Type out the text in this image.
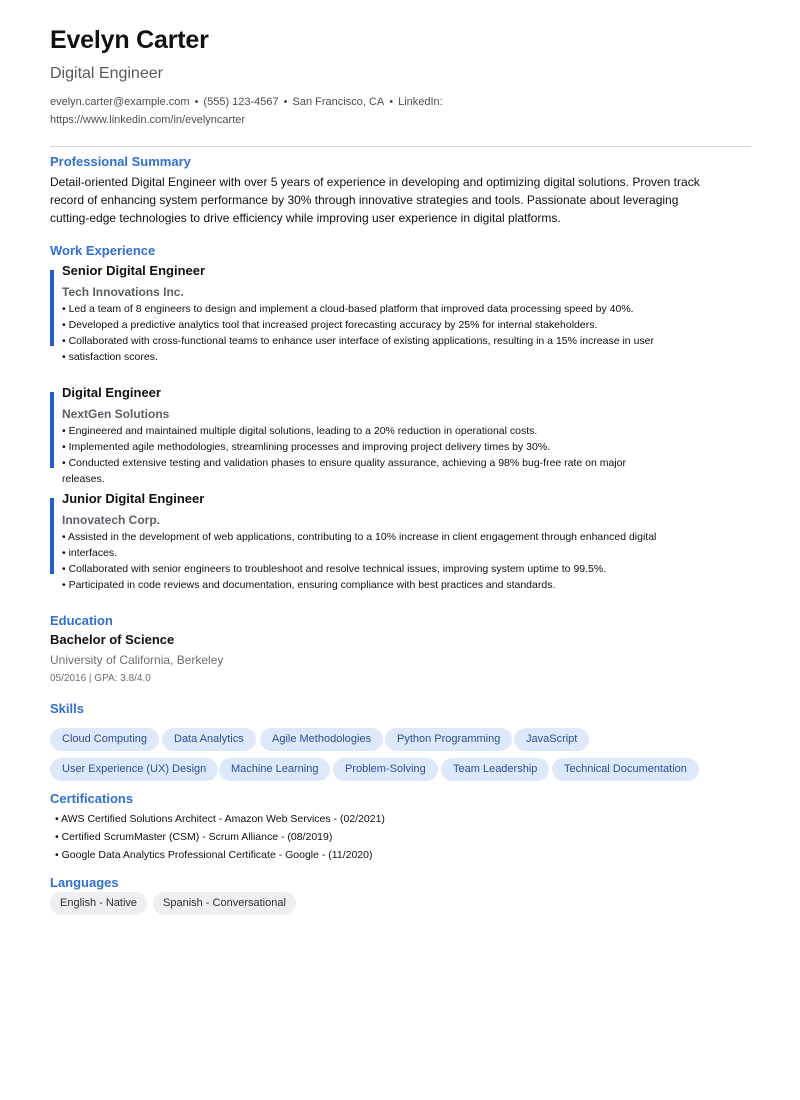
Evelyn Carter
Digital Engineer
evelyn.carter@example.com • (555) 123-4567 • San Francisco, CA • LinkedIn:
https://www.linkedin.com/in/evelyncarter
Professional Summary
Detail-oriented Digital Engineer with over 5 years of experience in developing and optimizing digital solutions. Proven track record of enhancing system performance by 30% through innovative strategies and tools. Passionate about leveraging cutting-edge technologies to drive efficiency while improving user experience in digital platforms.
Work Experience
Senior Digital Engineer
Tech Innovations Inc.
• Led a team of 8 engineers to design and implement a cloud-based platform that improved data processing speed by 40%.
• Developed a predictive analytics tool that increased project forecasting accuracy by 25% for internal stakeholders.
• Collaborated with cross-functional teams to enhance user interface of existing applications, resulting in a 15% increase in user
• satisfaction scores.
Digital Engineer
NextGen Solutions
• Engineered and maintained multiple digital solutions, leading to a 20% reduction in operational costs.
• Implemented agile methodologies, streamlining processes and improving project delivery times by 30%.
• Conducted extensive testing and validation phases to ensure quality assurance, achieving a 98% bug-free rate on major releases.
Junior Digital Engineer
Innovatech Corp.
• Assisted in the development of web applications, contributing to a 10% increase in client engagement through enhanced digital
• interfaces.
• Collaborated with senior engineers to troubleshoot and resolve technical issues, improving system uptime to 99.5%.
• Participated in code reviews and documentation, ensuring compliance with best practices and standards.
Education
Bachelor of Science
University of California, Berkeley
05/2016 | GPA: 3.8/4.0
Skills
Cloud Computing	Data Analytics	Agile Methodologies	Python Programming	JavaScript
User Experience (UX) Design	Machine Learning	Problem-Solving	Team Leadership	Technical Documentation
Certifications
• AWS Certified Solutions Architect - Amazon Web Services - (02/2021)
• Certified ScrumMaster (CSM) - Scrum Alliance - (08/2019)
• Google Data Analytics Professional Certificate - Google - (11/2020)
Languages
English - Native	Spanish - Conversational
